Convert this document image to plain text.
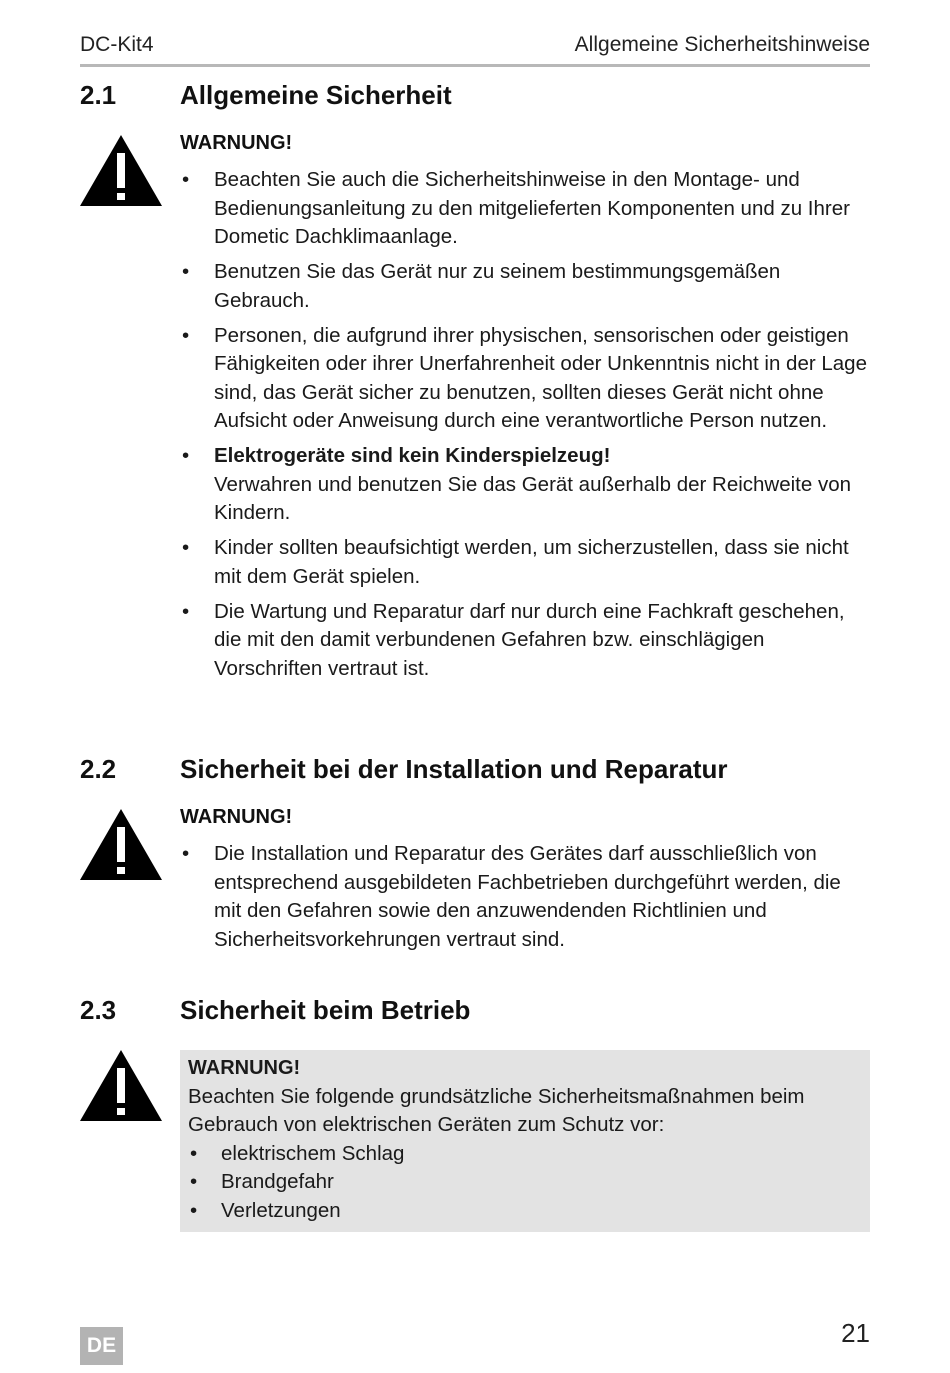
DC-Kit4	Allgemeine Sicherheitshinweise
2.1 Allgemeine Sicherheit
WARNUNG!
• Beachten Sie auch die Sicherheitshinweise in den Montage- und Bedienungsanleitung zu den mitgelieferten Komponenten und zu Ihrer Dometic Dachklimaanlage.
• Benutzen Sie das Gerät nur zu seinem bestimmungsgemäßen Gebrauch.
• Personen, die aufgrund ihrer physischen, sensorischen oder geistigen Fähigkeiten oder ihrer Unerfahrenheit oder Unkenntnis nicht in der Lage sind, das Gerät sicher zu benutzen, sollten dieses Gerät nicht ohne Aufsicht oder Anweisung durch eine verantwortliche Person nutzen.
• Elektrogeräte sind kein Kinderspielzeug!
Verwahren und benutzen Sie das Gerät außerhalb der Reichweite von Kindern.
• Kinder sollten beaufsichtigt werden, um sicherzustellen, dass sie nicht mit dem Gerät spielen.
• Die Wartung und Reparatur darf nur durch eine Fachkraft geschehen, die mit den damit verbundenen Gefahren bzw. einschlägigen Vorschriften vertraut ist.
2.2 Sicherheit bei der Installation und Reparatur
WARNUNG!
• Die Installation und Reparatur des Gerätes darf ausschließlich von entsprechend ausgebildeten Fachbetrieben durchgeführt werden, die mit den Gefahren sowie den anzuwendenden Richtlinien und Sicherheitsvorkehrungen vertraut sind.
2.3 Sicherheit beim Betrieb
WARNUNG!
Beachten Sie folgende grundsätzliche Sicherheitsmaßnahmen beim Gebrauch von elektrischen Geräten zum Schutz vor:
• elektrischem Schlag
• Brandgefahr
• Verletzungen
DE	21
